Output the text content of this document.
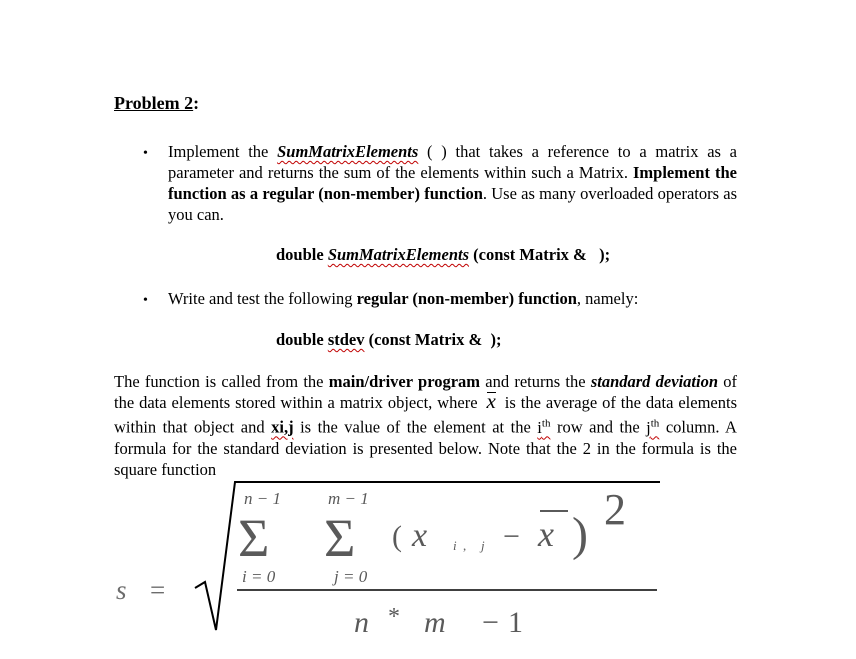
Problem 2:
• Implement the SumMatrixElements ( ) that takes a reference to a matrix as a parameter and returns the sum of the elements within such a Matrix. Implement the function as a regular (non-member) function. Use as many overloaded operators as you can.
double SumMatrixElements (const Matrix &   );
• Write and test the following regular (non-member) function, namely:
double stdev (const Matrix &  );
The function is called from the main/driver program and returns the standard deviation of the data elements stored within a matrix object, where
x is the average of the data elements within that object and xi,j is the value of the element at the $i^{th}$ row and the $j^{th}$ column. A formula for the standard deviation is presented below. Note that the 2 in the formula is the square function
s =
n − 1
Σ
i = 0
m − 1
Σ
j = 0
( x i , j − x ) 2
n * m − 1
